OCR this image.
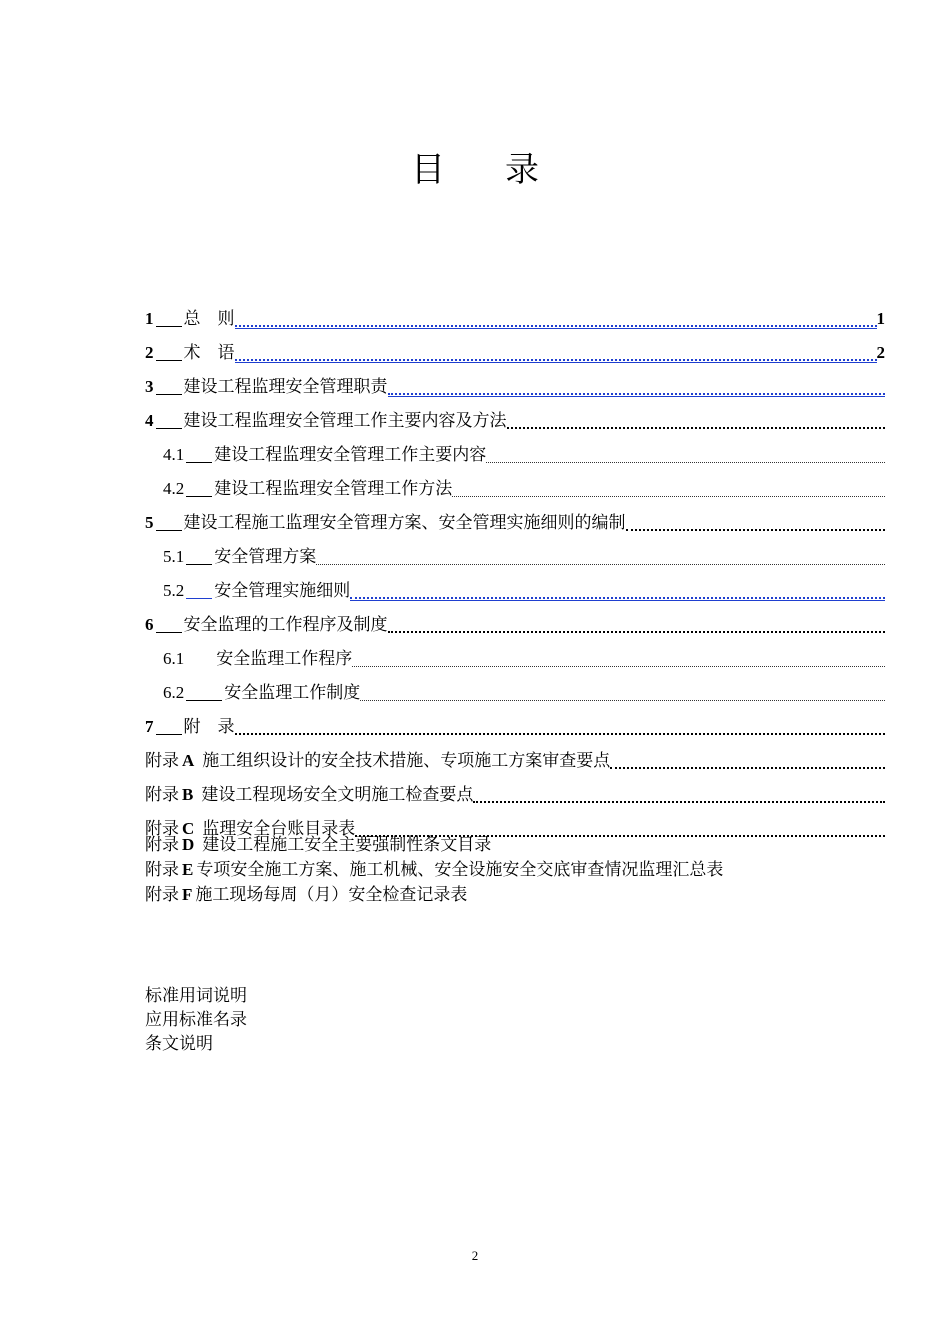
目 录
1 总　则	1
2 术　语	2
3 建设工程监理安全管理职责
4 建设工程监理安全管理工作主要内容及方法
4.1 建设工程监理安全管理工作主要内容
4.2 建设工程监理安全管理工作方法
5 建设工程施工监理安全管理方案、安全管理实施细则的编制
5.1 安全管理方案
5.2 安全管理实施细则
6 安全监理的工作程序及制度
6.1 安全监理工作程序
6.2 安全监理工作制度
7 附　录
附录 A 施工组织设计的安全技术措施、专项施工方案审查要点
附录 B 建设工程现场安全文明施工检查要点
附录 C 监理安全台账目录表
附录 D 建设工程施工安全主要强制性条文目录
附录 E 专项安全施工方案、施工机械、安全设施安全交底审查情况监理汇总表
附录 F 施工现场每周（月）安全检查记录表
标准用词说明
应用标准名录
条文说明
2
